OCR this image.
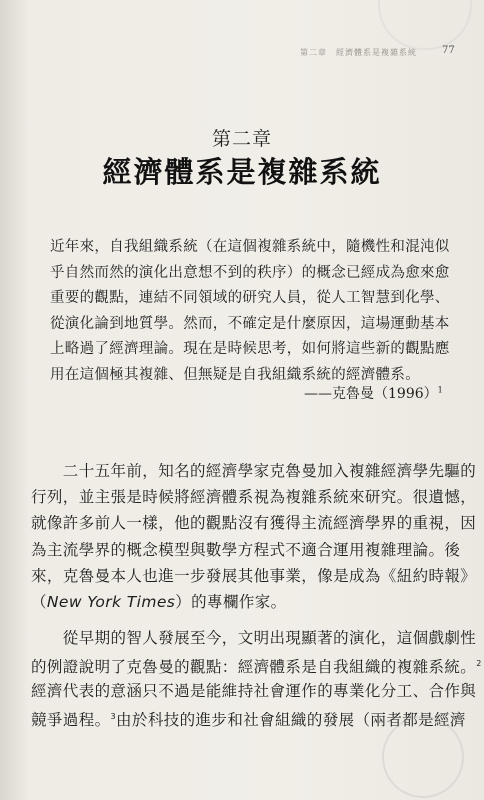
第二章　經濟體系是複雜系統	77
第二章
經濟體系是複雜系統
近年來，自我組織系統（在這個複雜系統中，隨機性和混沌似
乎自然而然的演化出意想不到的秩序）的概念已經成為愈來愈
重要的觀點，連結不同領域的研究人員，從人工智慧到化學、
從演化論到地質學。然而，不確定是什麼原因，這場運動基本
上略過了經濟理論。現在是時候思考，如何將這些新的觀點應
用在這個極其複雜、但無疑是自我組織系統的經濟體系。
——克魯曼$(1996)^1$
　　二十五年前，知名的經濟學家克魯曼加入複雜經濟學先驅的
行列，並主張是時候將經濟體系視為複雜系統來研究。很遺憾，
就像許多前人一樣，他的觀點沒有獲得主流經濟學界的重視，因
為主流學界的概念模型與數學方程式不適合運用複雜理論。後
來，克魯曼本人也進一步發展其他事業，像是成為《紐約時報》
（New York Times）的專欄作家。
　　從早期的智人發展至今，文明出現顯著的演化，這個戲劇性
的例證說明了克魯曼的觀點：經濟體系是自我組織的複雜系統。$^2$
經濟代表的意涵只不過是能維持社會運作的專業化分工、合作與
競爭過程。$^3$由於科技的進步和社會組織的發展（兩者都是經濟
